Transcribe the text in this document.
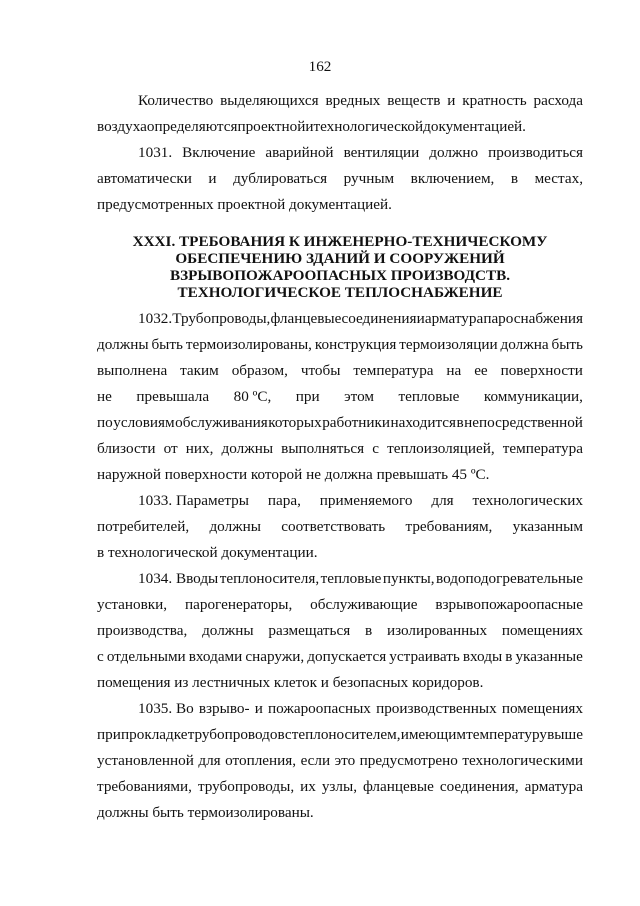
162
Количество выделяющихся вредных веществ и кратность расхода
воздуха определяются проектной и технологической документацией.
1031. Включение аварийной вентиляции должно производиться
автоматически и дублироваться ручным включением, в местах,
предусмотренных проектной документацией.
XXXI. ТРЕБОВАНИЯ К ИНЖЕНЕРНО-ТЕХНИЧЕСКОМУ
ОБЕСПЕЧЕНИЮ ЗДАНИЙ И СООРУЖЕНИЙ
ВЗРЫВОПОЖАРООПАСНЫХ ПРОИЗВОДСТВ.
ТЕХНОЛОГИЧЕСКОЕ ТЕПЛОСНАБЖЕНИЕ
1032. Трубопроводы, фланцевые соединения и арматура пароснабжения
должны быть термоизолированы, конструкция термоизоляции должна быть
выполнена таким образом, чтобы температура на ее поверхности
не превышала 80 ºС, при этом тепловые коммуникации,
по условиям обслуживания которых работники находится в непосредственной
близости от них, должны выполняться с теплоизоляцией, температура
наружной поверхности которой не должна превышать 45 ºС.
1033. Параметры пара, применяемого для технологических
потребителей, должны соответствовать требованиям, указанным
в технологической документации.
1034. Вводы теплоносителя, тепловые пункты, водоподогревательные
установки, парогенераторы, обслуживающие взрывопожароопасные
производства, должны размещаться в изолированных помещениях
с отдельными входами снаружи, допускается устраивать входы в указанные
помещения из лестничных клеток и безопасных коридоров.
1035. Во взрыво- и пожароопасных производственных помещениях
при прокладке трубопроводов с теплоносителем, имеющим температуру выше
установленной для отопления, если это предусмотрено технологическими
требованиями, трубопроводы, их узлы, фланцевые соединения, арматура
должны быть термоизолированы.
